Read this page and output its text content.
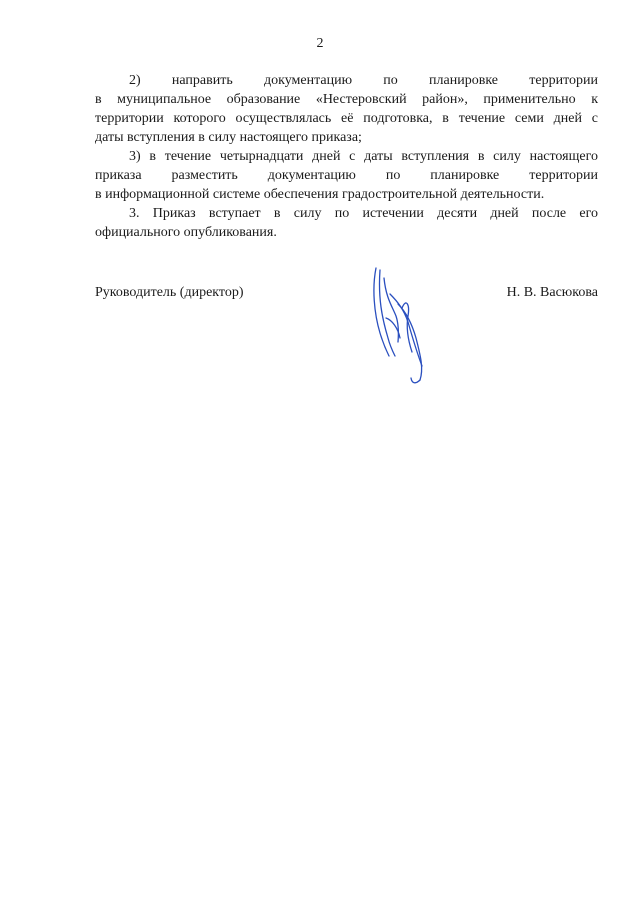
2
2) направить документацию по планировке территории
в муниципальное образование «Нестеровский район», применительно к
территории которого осуществлялась её подготовка, в течение семи дней с
даты вступления в силу настоящего приказа;
3) в течение четырнадцати дней с даты вступления в силу настоящего
приказа разместить документацию по планировке территории
в информационной системе обеспечения градостроительной деятельности.
3. Приказ вступает в силу по истечении десяти дней после его
официального опубликования.
Руководитель (директор)	Н. В. Васюкова
